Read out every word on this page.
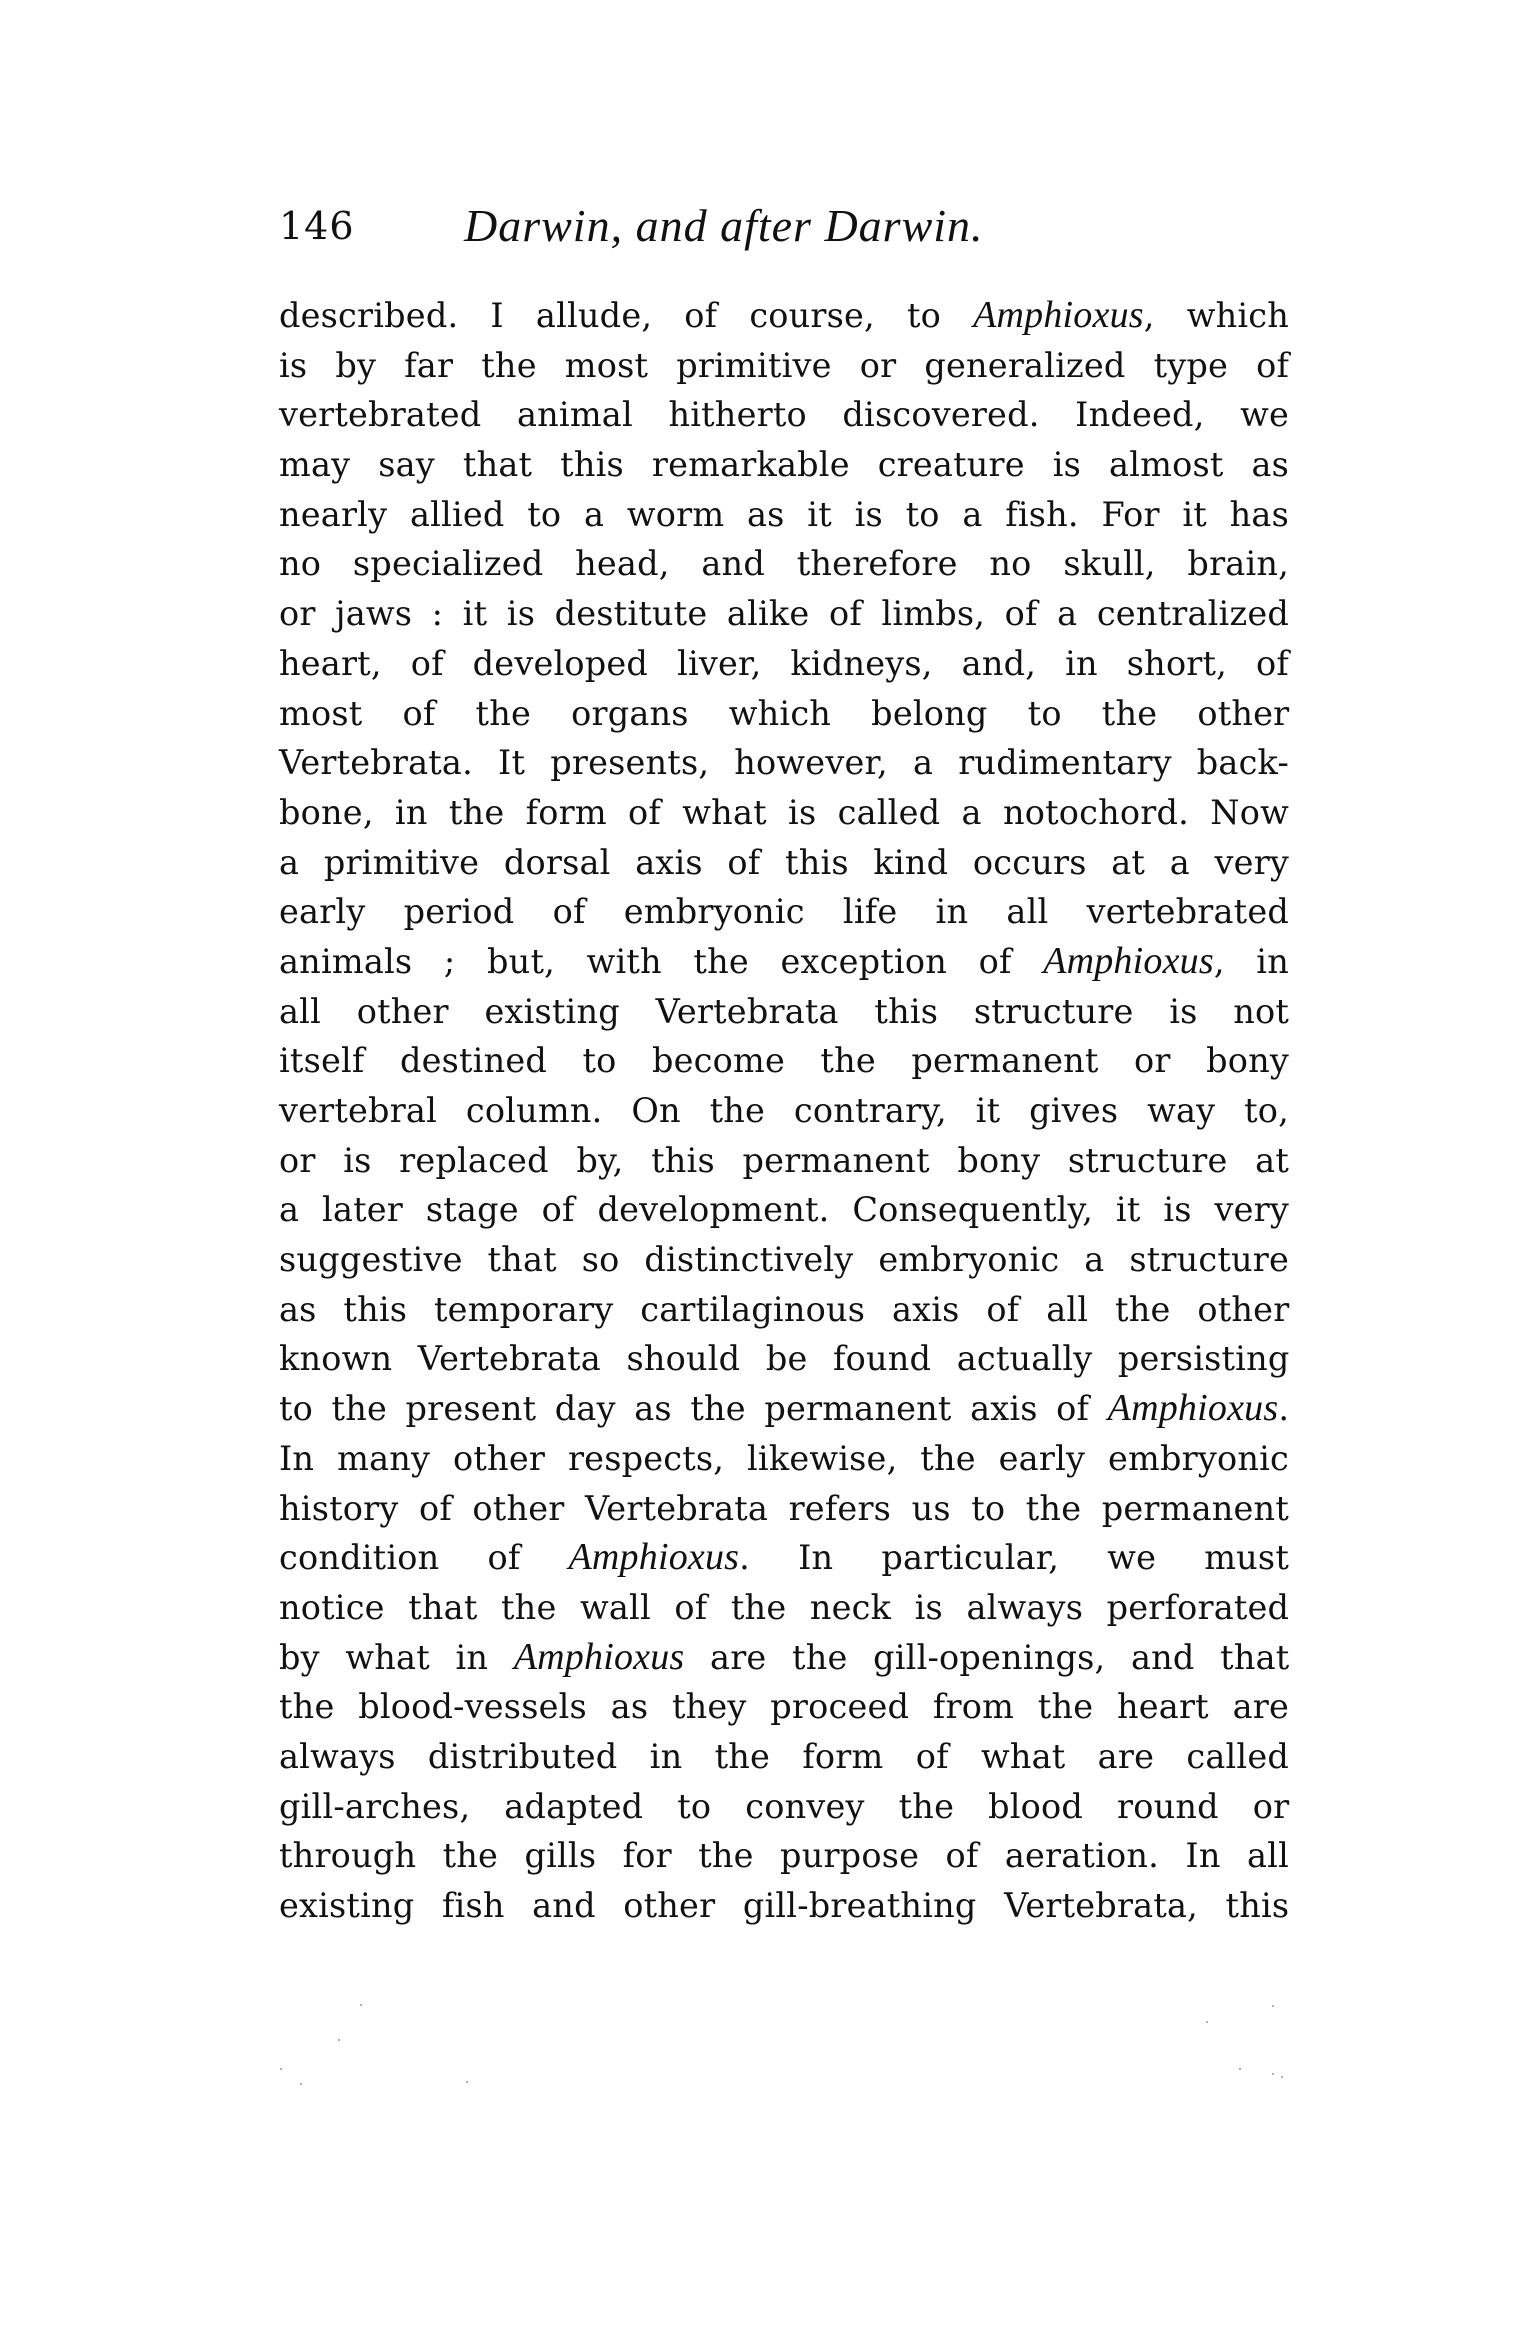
146 Darwin, and after Darwin.
described. I allude, of course, to Amphioxus, which
is by far the most primitive or generalized type of
vertebrated animal hitherto discovered. Indeed, we
may say that this remarkable creature is almost as
nearly allied to a worm as it is to a fish. For it has
no specialized head, and therefore no skull, brain,
or jaws : it is destitute alike of limbs, of a centralized
heart, of developed liver, kidneys, and, in short, of
most of the organs which belong to the other
Vertebrata. It presents, however, a rudimentary back-
bone, in the form of what is called a notochord. Now
a primitive dorsal axis of this kind occurs at a very
early period of embryonic life in all vertebrated
animals ; but, with the exception of Amphioxus, in
all other existing Vertebrata this structure is not
itself destined to become the permanent or bony
vertebral column. On the contrary, it gives way to,
or is replaced by, this permanent bony structure at
a later stage of development. Consequently, it is very
suggestive that so distinctively embryonic a structure
as this temporary cartilaginous axis of all the other
known Vertebrata should be found actually persisting
to the present day as the permanent axis of Amphioxus.
In many other respects, likewise, the early embryonic
history of other Vertebrata refers us to the permanent
condition of Amphioxus. In particular, we must
notice that the wall of the neck is always perforated
by what in Amphioxus are the gill-openings, and that
the blood-vessels as they proceed from the heart are
always distributed in the form of what are called
gill-arches, adapted to convey the blood round or
through the gills for the purpose of aeration. In all
existing fish and other gill-breathing Vertebrata, this
